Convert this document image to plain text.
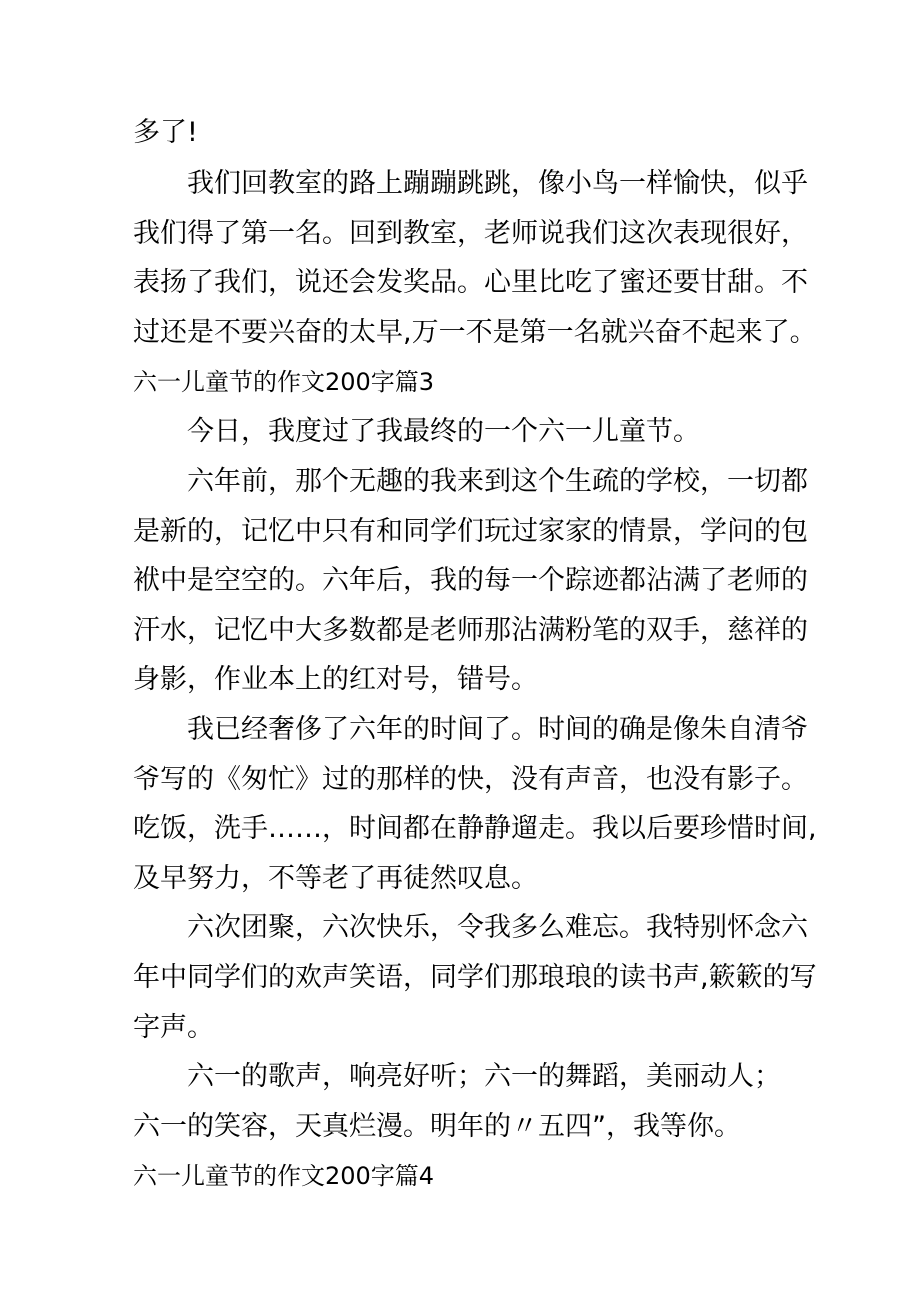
多了!
我们回教室的路上蹦蹦跳跳，像小鸟一样愉快，似乎
我们得了第一名。回到教室，老师说我们这次表现很好，
表扬了我们，说还会发奖品。心里比吃了蜜还要甘甜。不
过还是不要兴奋的太早,万一不是第一名就兴奋不起来了。
六一儿童节的作文200字篇3
今日，我度过了我最终的一个六一儿童节。
六年前，那个无趣的我来到这个生疏的学校，一切都
是新的，记忆中只有和同学们玩过家家的情景，学问的包
袱中是空空的。六年后，我的每一个踪迹都沾满了老师的
汗水，记忆中大多数都是老师那沾满粉笔的双手，慈祥的
身影，作业本上的红对号，错号。
我已经奢侈了六年的时间了。时间的确是像朱自清爷
爷写的《匆忙》过的那样的快，没有声音，也没有影子。
吃饭，洗手……，时间都在静静遛走。我以后要珍惜时间,
及早努力，不等老了再徒然叹息。
六次团聚，六次快乐，令我多么难忘。我特别怀念六
年中同学们的欢声笑语，同学们那琅琅的读书声,簌簌的写
字声。
六一的歌声，响亮好听；六一的舞蹈，美丽动人；
六一的笑容，天真烂漫。明年的〃五四”，我等你。
六一儿童节的作文200字篇4
